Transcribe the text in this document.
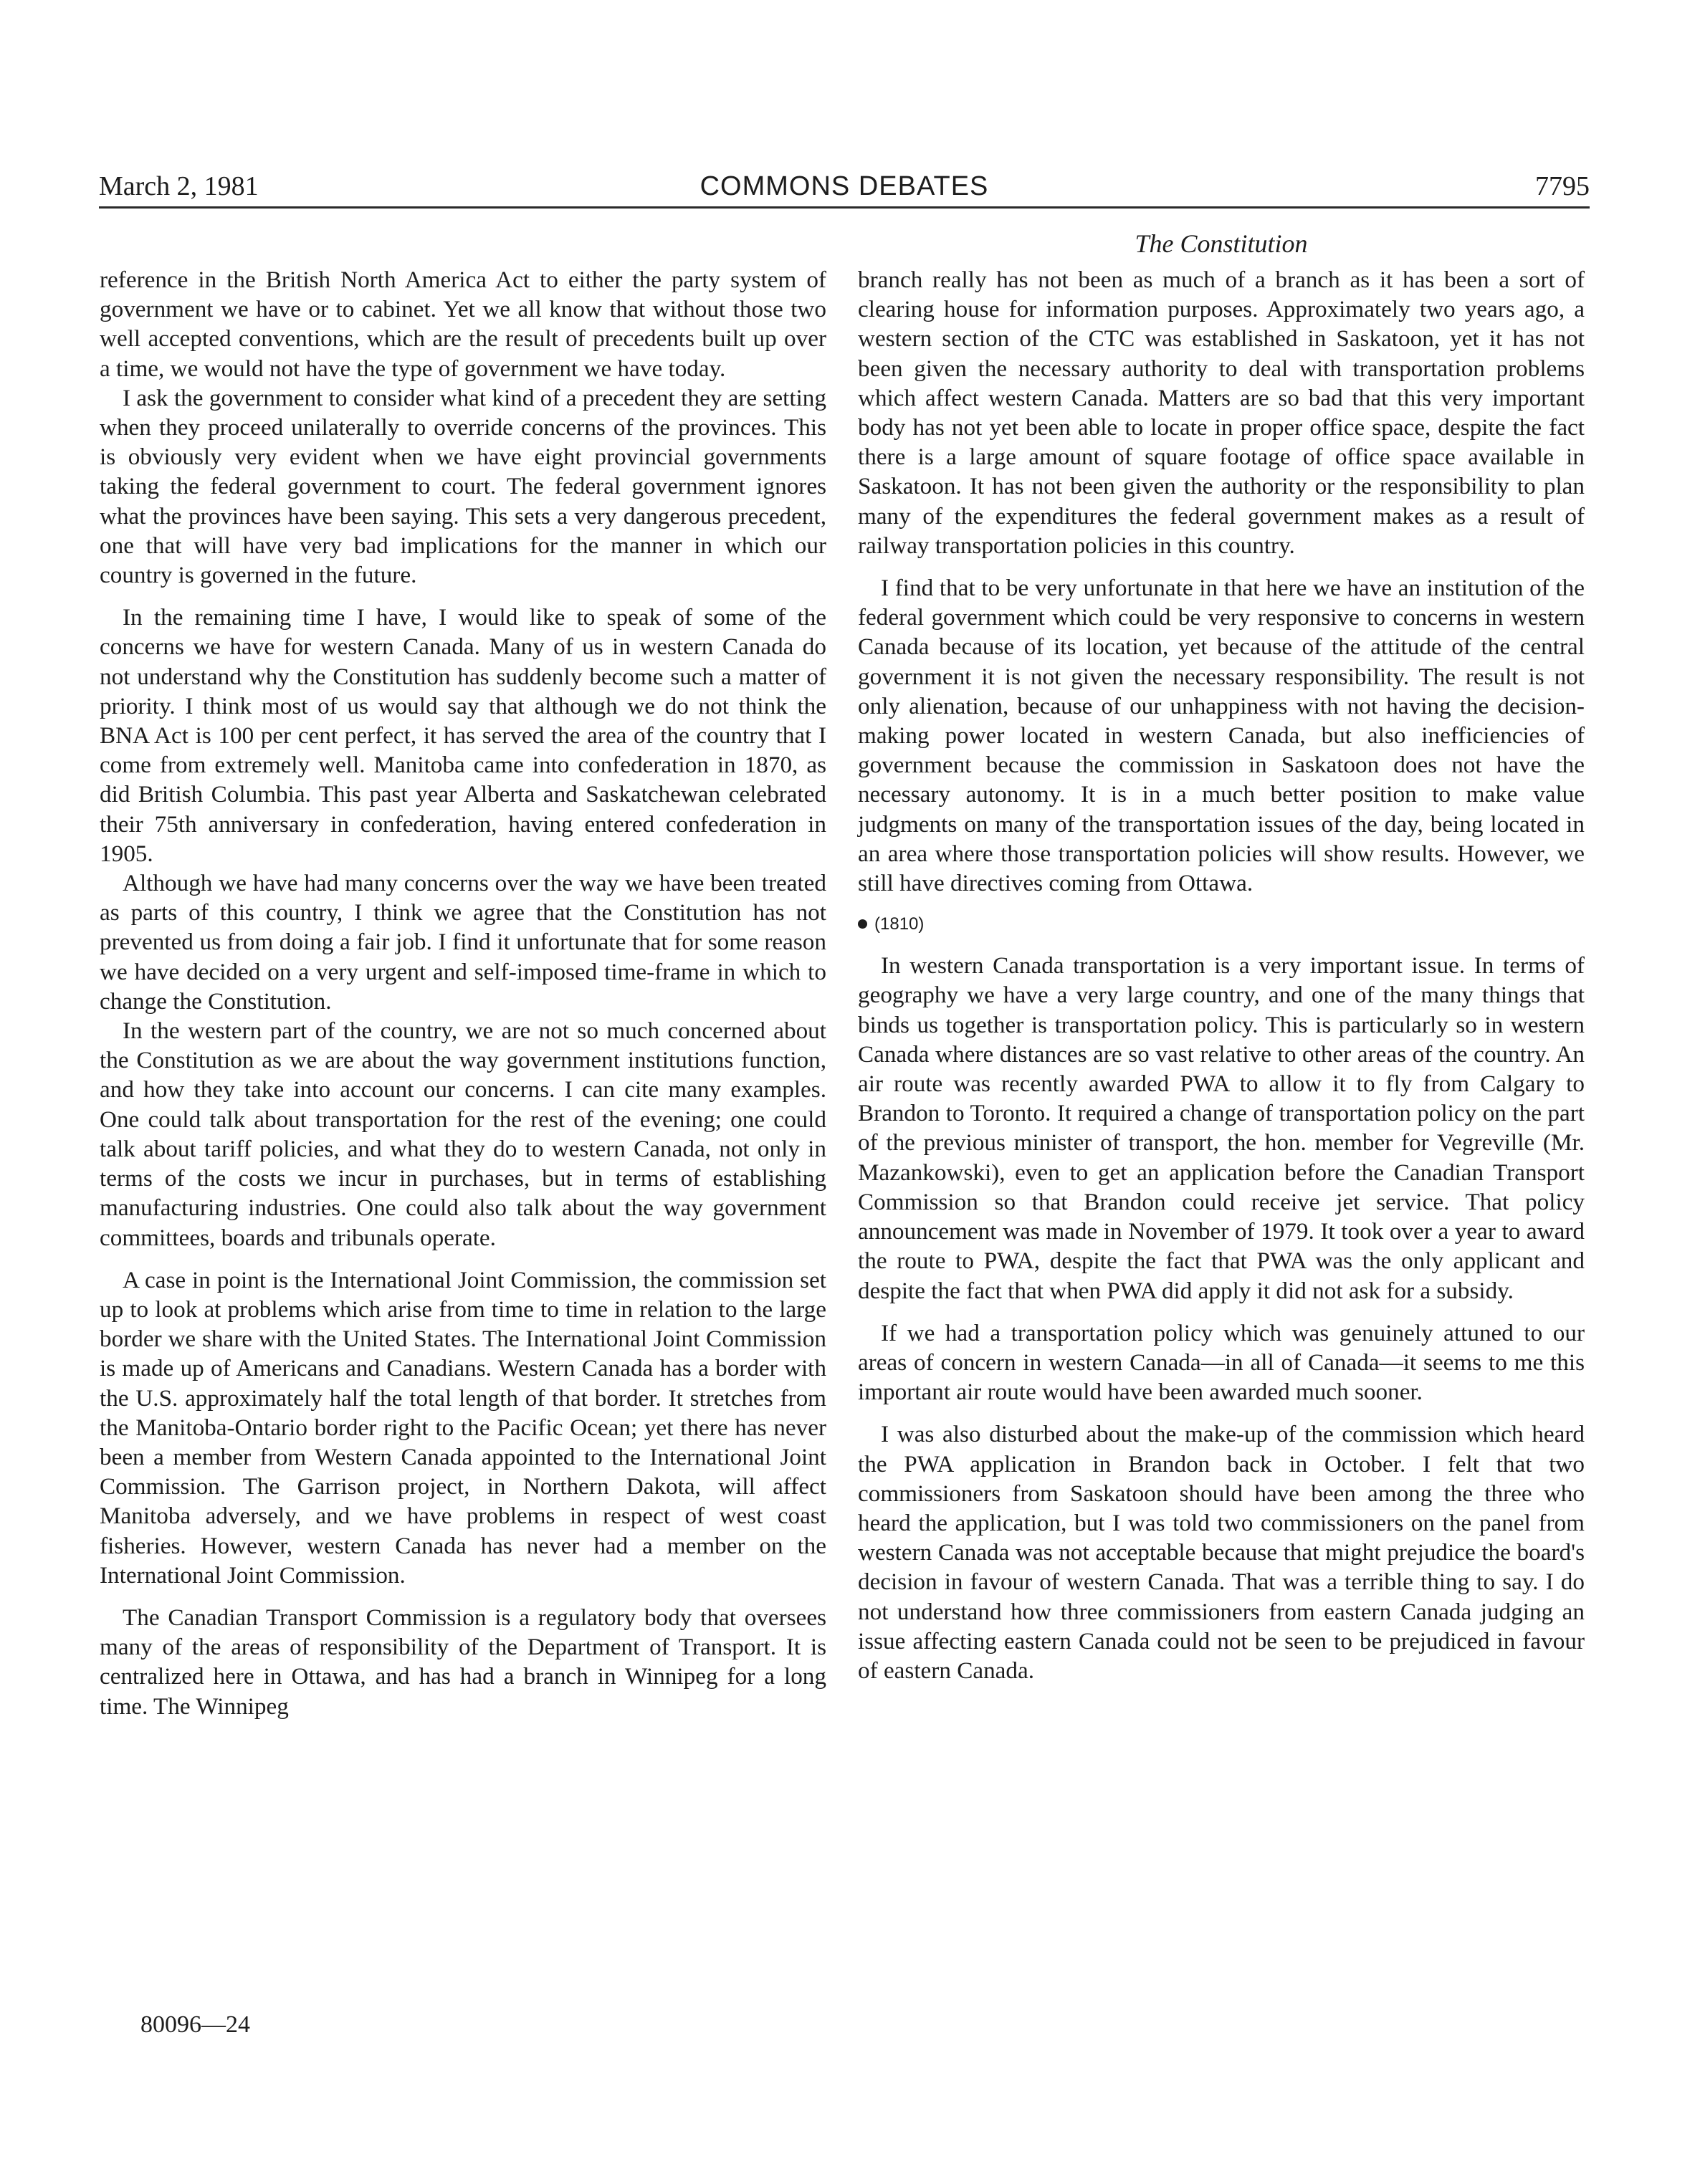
March 2, 1981	COMMONS DEBATES	7795
The Constitution

reference in the British North America Act to either the party system of government we have or to cabinet. Yet we all know that without those two well accepted conventions, which are the result of precedents built up over a time, we would not have the type of government we have today.

I ask the government to consider what kind of a precedent they are setting when they proceed unilaterally to override concerns of the provinces. This is obviously very evident when we have eight provincial governments taking the federal government to court. The federal government ignores what the provinces have been saying. This sets a very dangerous precedent, one that will have very bad implications for the manner in which our country is governed in the future.

In the remaining time I have, I would like to speak of some of the concerns we have for western Canada. Many of us in western Canada do not understand why the Constitution has suddenly become such a matter of priority. I think most of us would say that although we do not think the BNA Act is 100 per cent perfect, it has served the area of the country that I come from extremely well. Manitoba came into confederation in 1870, as did British Columbia. This past year Alberta and Saskatchewan celebrated their 75th anniversary in confederation, having entered confederation in 1905.

Although we have had many concerns over the way we have been treated as parts of this country, I think we agree that the Constitution has not prevented us from doing a fair job. I find it unfortunate that for some reason we have decided on a very urgent and self-imposed time-frame in which to change the Constitution.

In the western part of the country, we are not so much concerned about the Constitution as we are about the way government institutions function, and how they take into account our concerns. I can cite many examples. One could talk about transportation for the rest of the evening; one could talk about tariff policies, and what they do to western Canada, not only in terms of the costs we incur in purchases, but in terms of establishing manufacturing industries. One could also talk about the way government committees, boards and tribunals operate.

A case in point is the International Joint Commission, the commission set up to look at problems which arise from time to time in relation to the large border we share with the United States. The International Joint Commission is made up of Americans and Canadians. Western Canada has a border with the U.S. approximately half the total length of that border. It stretches from the Manitoba-Ontario border right to the Pacific Ocean; yet there has never been a member from Western Canada appointed to the International Joint Commission. The Garrison project, in Northern Dakota, will affect Manitoba adversely, and we have problems in respect of west coast fisheries. However, western Canada has never had a member on the International Joint Commission.

The Canadian Transport Commission is a regulatory body that oversees many of the areas of responsibility of the Department of Transport. It is centralized here in Ottawa, and has had a branch in Winnipeg for a long time. The Winnipeg

branch really has not been as much of a branch as it has been a sort of clearing house for information purposes. Approximately two years ago, a western section of the CTC was established in Saskatoon, yet it has not been given the necessary authority to deal with transportation problems which affect western Canada. Matters are so bad that this very important body has not yet been able to locate in proper office space, despite the fact there is a large amount of square footage of office space available in Saskatoon. It has not been given the authority or the responsibility to plan many of the expenditures the federal government makes as a result of railway transportation policies in this country.

I find that to be very unfortunate in that here we have an institution of the federal government which could be very responsive to concerns in western Canada because of its location, yet because of the attitude of the central government it is not given the necessary responsibility. The result is not only alienation, because of our unhappiness with not having the decision-making power located in western Canada, but also inefficiencies of government because the commission in Saskatoon does not have the necessary autonomy. It is in a much better position to make value judgments on many of the transportation issues of the day, being located in an area where those transportation policies will show results. However, we still have directives coming from Ottawa.

(1810)

In western Canada transportation is a very important issue. In terms of geography we have a very large country, and one of the many things that binds us together is transportation policy. This is particularly so in western Canada where distances are so vast relative to other areas of the country. An air route was recently awarded PWA to allow it to fly from Calgary to Brandon to Toronto. It required a change of transportation policy on the part of the previous minister of transport, the hon. member for Vegreville (Mr. Mazankowski), even to get an application before the Canadian Transport Commission so that Brandon could receive jet service. That policy announcement was made in November of 1979. It took over a year to award the route to PWA, despite the fact that PWA was the only applicant and despite the fact that when PWA did apply it did not ask for a subsidy.

If we had a transportation policy which was genuinely attuned to our areas of concern in western Canada—in all of Canada—it seems to me this important air route would have been awarded much sooner.

I was also disturbed about the make-up of the commission which heard the PWA application in Brandon back in October. I felt that two commissioners from Saskatoon should have been among the three who heard the application, but I was told two commissioners on the panel from western Canada was not acceptable because that might prejudice the board's decision in favour of western Canada. That was a terrible thing to say. I do not understand how three commissioners from eastern Canada judging an issue affecting eastern Canada could not be seen to be prejudiced in favour of eastern Canada.

80096—24
